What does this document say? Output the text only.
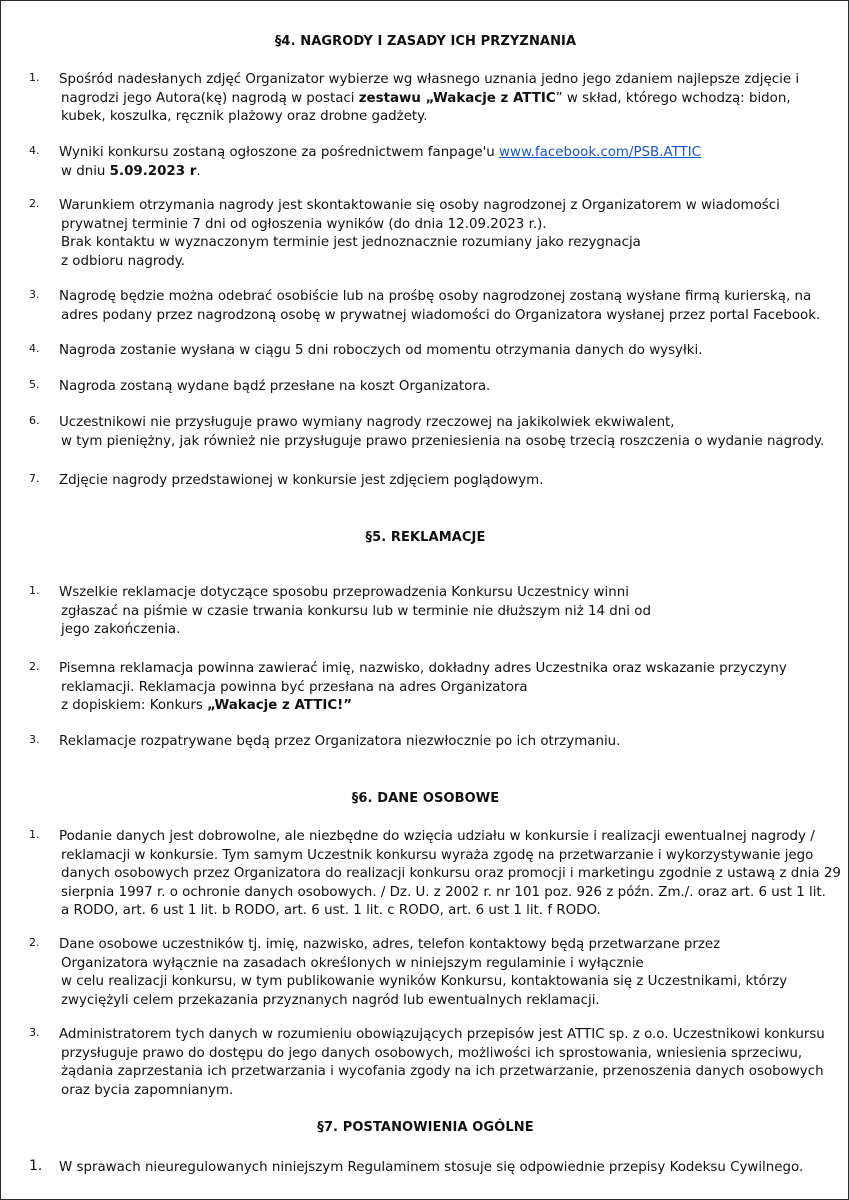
§4. NAGRODY I ZASADY ICH PRZYZNANIA
1.	Spośród nadesłanych zdjęć Organizator wybierze wg własnego uznania jedno jego zdaniem najlepsze zdjęcie i
nagrodzi jego Autora(kę) nagrodą w postaci zestawu „Wakacje z ATTIC” w skład, którego wchodzą: bidon,
kubek, koszulka, ręcznik plażowy oraz drobne gadżety.
4.	Wyniki konkursu zostaną ogłoszone za pośrednictwem fanpage'u www.facebook.com/PSB.ATTIC
w dniu 5.09.2023 r.
2.	Warunkiem otrzymania nagrody jest skontaktowanie się osoby nagrodzonej z Organizatorem w wiadomości
prywatnej terminie 7 dni od ogłoszenia wyników (do dnia 12.09.2023 r.).
Brak kontaktu w wyznaczonym terminie jest jednoznacznie rozumiany jako rezygnacja
z odbioru nagrody.
3.	Nagrodę będzie można odebrać osobiście lub na prośbę osoby nagrodzonej zostaną wysłane firmą kurierską, na
adres podany przez nagrodzoną osobę w prywatnej wiadomości do Organizatora wysłanej przez portal Facebook.
4.	Nagroda zostanie wysłana w ciągu 5 dni roboczych od momentu otrzymania danych do wysyłki.
5.	Nagroda zostaną wydane bądź przesłane na koszt Organizatora.
6.	Uczestnikowi nie przysługuje prawo wymiany nagrody rzeczowej na jakikolwiek ekwiwalent,
w tym pieniężny, jak również nie przysługuje prawo przeniesienia na osobę trzecią roszczenia o wydanie nagrody.
7.	Zdjęcie nagrody przedstawionej w konkursie jest zdjęciem poglądowym.
§5. REKLAMACJE
1.	Wszelkie reklamacje dotyczące sposobu przeprowadzenia Konkursu Uczestnicy winni
zgłaszać na piśmie w czasie trwania konkursu lub w terminie nie dłuższym niż 14 dni od
jego zakończenia.
2.	Pisemna reklamacja powinna zawierać imię, nazwisko, dokładny adres Uczestnika oraz wskazanie przyczyny
reklamacji. Reklamacja powinna być przesłana na adres Organizatora
z dopiskiem: Konkurs „Wakacje z ATTIC!”
3.	Reklamacje rozpatrywane będą przez Organizatora niezwłocznie po ich otrzymaniu.
§6. DANE OSOBOWE
1.	Podanie danych jest dobrowolne, ale niezbędne do wzięcia udziału w konkursie i realizacji ewentualnej nagrody /
reklamacji w konkursie. Tym samym Uczestnik konkursu wyraża zgodę na przetwarzanie i wykorzystywanie jego
danych osobowych przez Organizatora do realizacji konkursu oraz promocji i marketingu zgodnie z ustawą z dnia 29
sierpnia 1997 r. o ochronie danych osobowych. / Dz. U. z 2002 r. nr 101 poz. 926 z późn. Zm./. oraz art. 6 ust 1 lit.
a RODO, art. 6 ust 1 lit. b RODO, art. 6 ust. 1 lit. c RODO, art. 6 ust 1 lit. f RODO.
2.	Dane osobowe uczestników tj. imię, nazwisko, adres, telefon kontaktowy będą przetwarzane przez
Organizatora wyłącznie na zasadach określonych w niniejszym regulaminie i wyłącznie
w celu realizacji konkursu, w tym publikowanie wyników Konkursu, kontaktowania się z Uczestnikami, którzy
zwyciężyli celem przekazania przyznanych nagród lub ewentualnych reklamacji.
3.	Administratorem tych danych w rozumieniu obowiązujących przepisów jest ATTIC sp. z o.o. Uczestnikowi konkursu
przysługuje prawo do dostępu do jego danych osobowych, możliwości ich sprostowania, wniesienia sprzeciwu,
żądania zaprzestania ich przetwarzania i wycofania zgody na ich przetwarzanie, przenoszenia danych osobowych
oraz bycia zapomnianym.
§7. POSTANOWIENIA OGÓLNE
1.	W sprawach nieuregulowanych niniejszym Regulaminem stosuje się odpowiednie przepisy Kodeksu Cywilnego.
